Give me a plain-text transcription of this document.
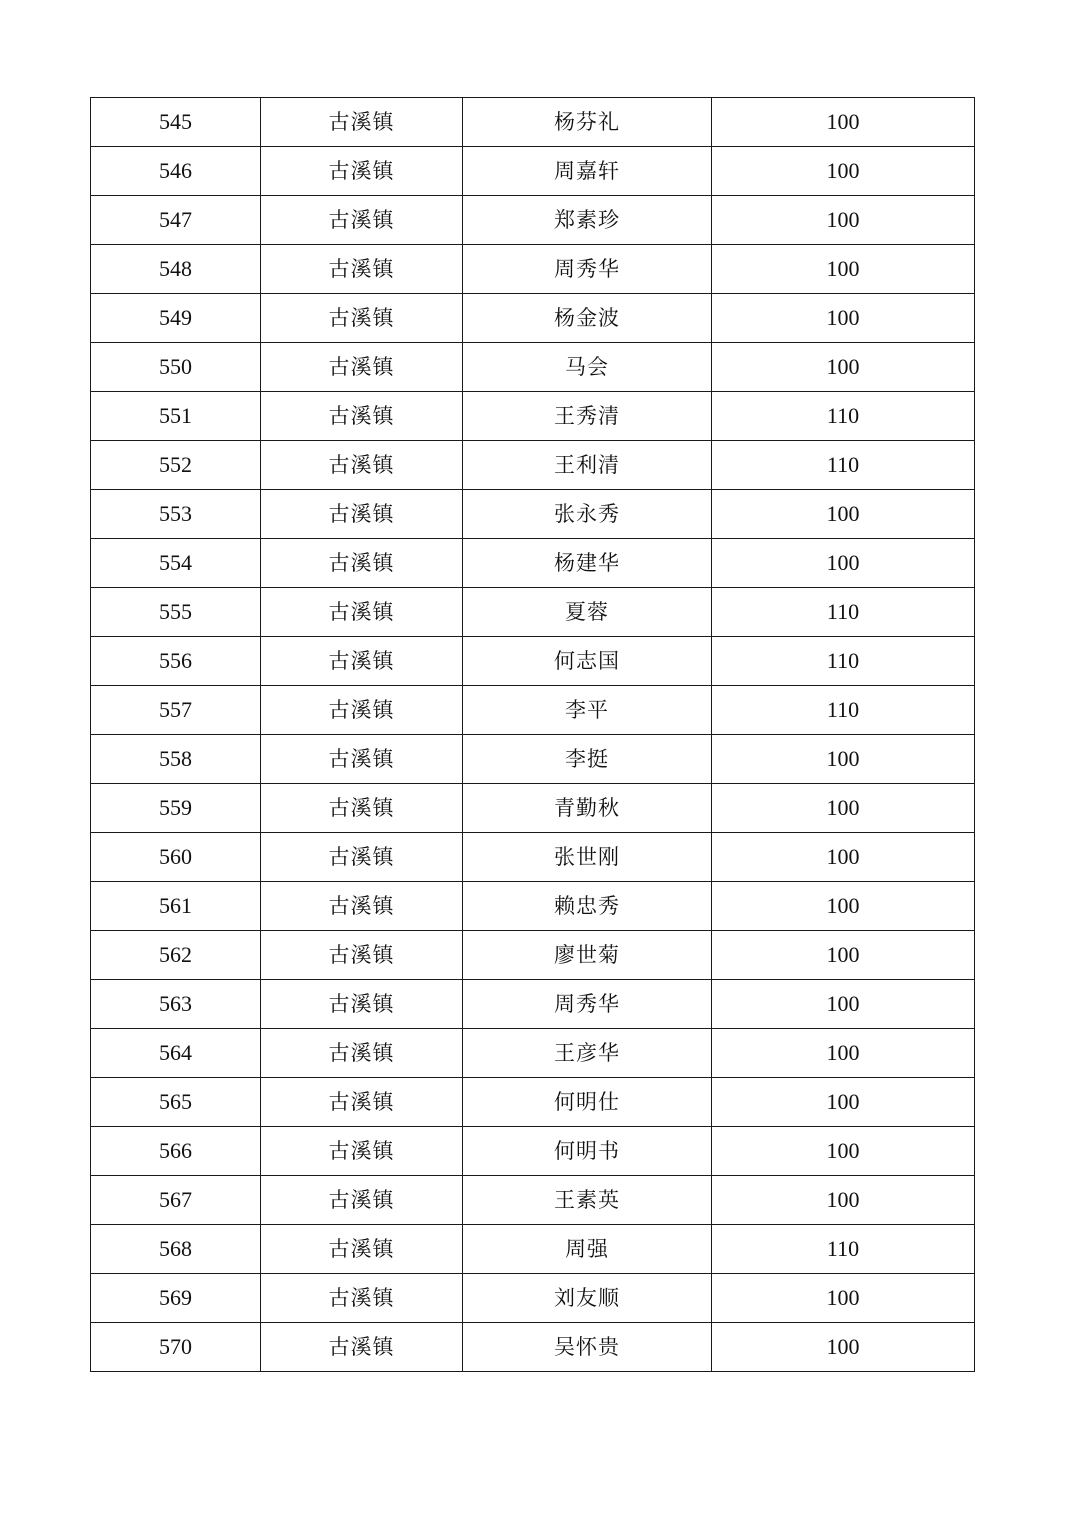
545	古溪镇	杨芬礼	100
546	古溪镇	周嘉轩	100
547	古溪镇	郑素珍	100
548	古溪镇	周秀华	100
549	古溪镇	杨金波	100
550	古溪镇	马会	100
551	古溪镇	王秀清	110
552	古溪镇	王利清	110
553	古溪镇	张永秀	100
554	古溪镇	杨建华	100
555	古溪镇	夏蓉	110
556	古溪镇	何志国	110
557	古溪镇	李平	110
558	古溪镇	李挺	100
559	古溪镇	青勤秋	100
560	古溪镇	张世刚	100
561	古溪镇	赖忠秀	100
562	古溪镇	廖世菊	100
563	古溪镇	周秀华	100
564	古溪镇	王彦华	100
565	古溪镇	何明仕	100
566	古溪镇	何明书	100
567	古溪镇	王素英	100
568	古溪镇	周强	110
569	古溪镇	刘友顺	100
570	古溪镇	吴怀贵	100
